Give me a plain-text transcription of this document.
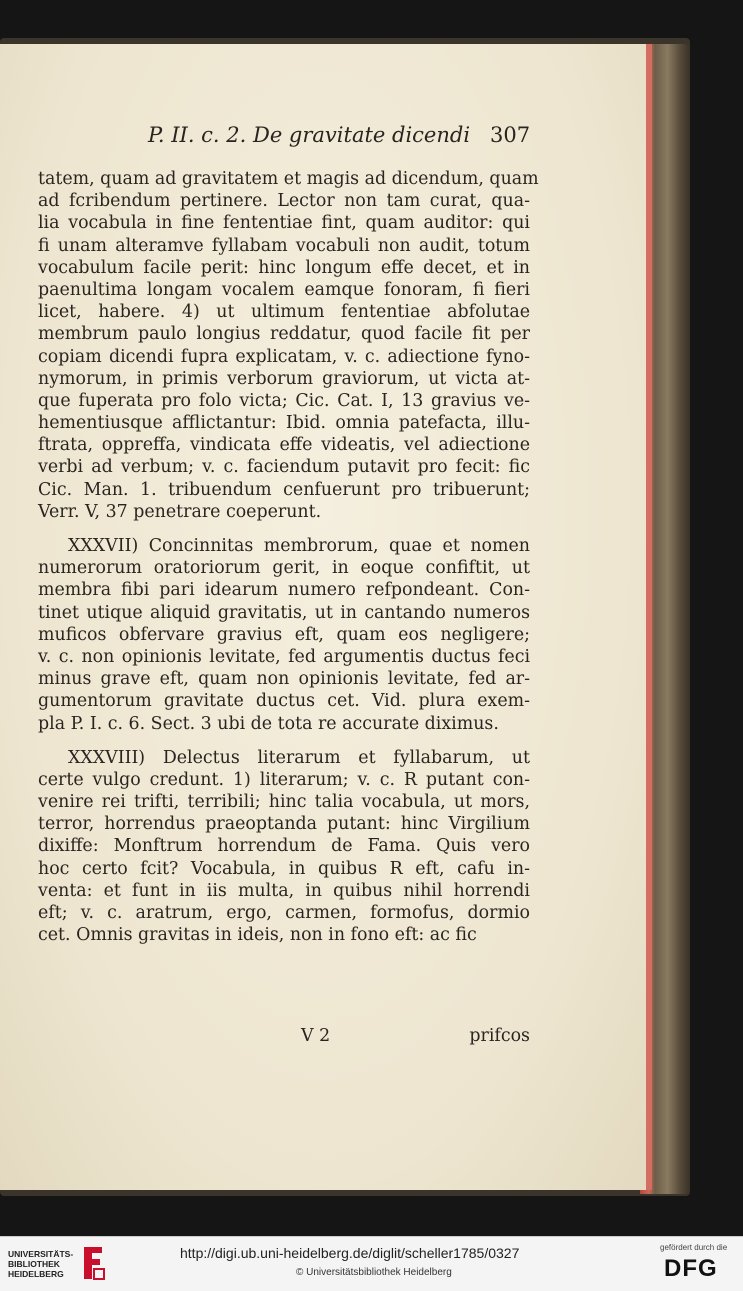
P. II. c. 2. De gravitate dicendi 307
tatem, quam ad gravitatem et magis ad dicendum, quam
ad fcribendum pertinere. Lector non tam curat, qua-
lia vocabula in fine fententiae fint, quam auditor: qui
fi unam alteramve fyllabam vocabuli non audit, totum
vocabulum facile perit: hinc longum effe decet, et in
paenultima longam vocalem eamque fonoram, fi fieri
licet, habere. 4) ut ultimum fententiae abfolutae
membrum paulo longius reddatur, quod facile fit per
copiam dicendi fupra explicatam, v. c. adiectione fyno-
nymorum, in primis verborum graviorum, ut victa at-
que fuperata pro folo victa; Cic. Cat. I, 13 gravius ve-
hementiusque afflictantur: Ibid. omnia patefacta, illu-
ftrata, oppreffa, vindicata effe videatis, vel adiectione
verbi ad verbum; v. c. faciendum putavit pro fecit: fic
Cic. Man. 1. tribuendum cenfuerunt pro tribuerunt;
Verr. V, 37 penetrare coeperunt.
XXXVII) Concinnitas membrorum, quae et nomen
numerorum oratoriorum gerit, in eoque confiftit, ut
membra fibi pari idearum numero refpondeant. Con-
tinet utique aliquid gravitatis, ut in cantando numeros
muficos obfervare gravius eft, quam eos negligere;
v. c. non opinionis levitate, fed argumentis ductus feci
minus grave eft, quam non opinionis levitate, fed ar-
gumentorum gravitate ductus cet. Vid. plura exem-
pla P. I. c. 6. Sect. 3 ubi de tota re accurate diximus.
XXXVIII) Delectus literarum et fyllabarum, ut
certe vulgo credunt. 1) literarum; v. c. R putant con-
venire rei trifti, terribili; hinc talia vocabula, ut mors,
terror, horrendus praeoptanda putant: hinc Virgilium
dixiffe: Monftrum horrendum de Fama. Quis vero
hoc certo fcit? Vocabula, in quibus R eft, cafu in-
venta: et funt in iis multa, in quibus nihil horrendi
eft; v. c. aratrum, ergo, carmen, formofus, dormio
cet. Omnis gravitas in ideis, non in fono eft: ac fic
V 2	prifcos
UNIVERSITÄTS-
BIBLIOTHEK
HEIDELBERG
http://digi.ub.uni-heidelberg.de/diglit/scheller1785/0327
© Universitätsbibliothek Heidelberg
gefördert durch die
DFG
